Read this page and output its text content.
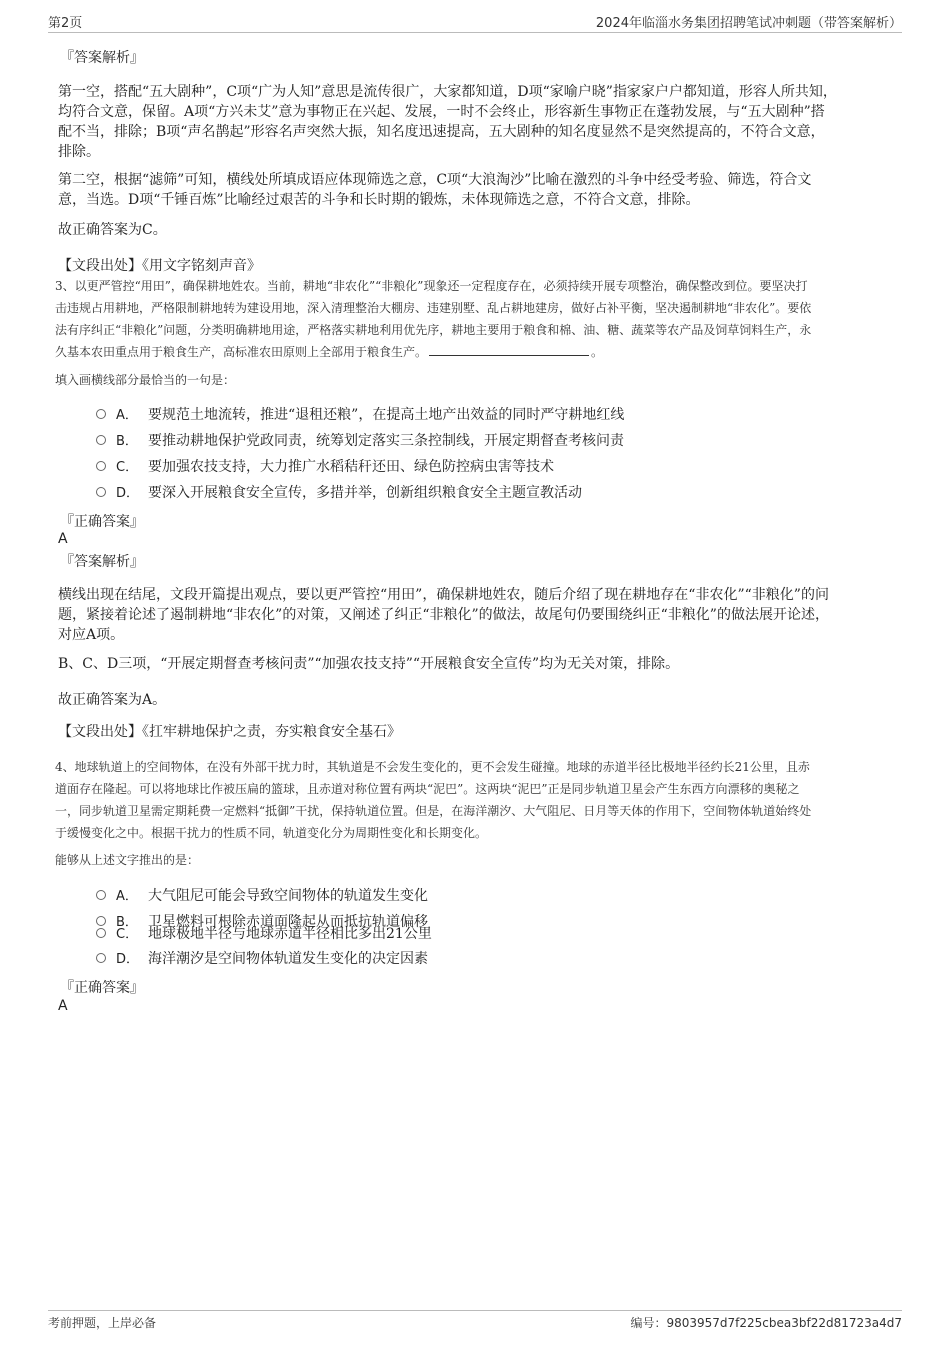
第2页	2024年临淄水务集团招聘笔试冲刺题（带答案解析）
『答案解析』
第一空，搭配“五大剧种”，C项“广为人知”意思是流传很广，大家都知道，D项“家喻户晓”指家家户户都知道，形容人所共知，
均符合文意，保留。A项“方兴未艾”意为事物正在兴起、发展，一时不会终止，形容新生事物正在蓬勃发展，与“五大剧种”搭
配不当，排除；B项“声名鹊起”形容名声突然大振，知名度迅速提高，五大剧种的知名度显然不是突然提高的，不符合文意，
排除。
第二空，根据“滤筛”可知，横线处所填成语应体现筛选之意，C项“大浪淘沙”比喻在激烈的斗争中经受考验、筛选，符合文
意，当选。D项“千锤百炼”比喻经过艰苦的斗争和长时期的锻炼，未体现筛选之意，不符合文意，排除。
故正确答案为C。
【文段出处】《用文字铭刻声音》
3、以更严管控“用田”，确保耕地姓农。当前，耕地“非农化”“非粮化”现象还一定程度存在，必须持续开展专项整治，确保整改到位。要坚决打
击违规占用耕地，严格限制耕地转为建设用地，深入清理整治大棚房、违建别墅、乱占耕地建房，做好占补平衡，坚决遏制耕地“非农化”。要依
法有序纠正“非粮化”问题，分类明确耕地用途，严格落实耕地利用优先序，耕地主要用于粮食和棉、油、糖、蔬菜等农产品及饲草饲料生产，永
久基本农田重点用于粮食生产，高标准农田原则上全部用于粮食生产。	。
填入画横线部分最恰当的一句是：
A． 要规范土地流转，推进“退租还粮”，在提高土地产出效益的同时严守耕地红线
B． 要推动耕地保护党政同责，统筹划定落实三条控制线，开展定期督查考核问责
C． 要加强农技支持，大力推广水稻秸秆还田、绿色防控病虫害等技术
D． 要深入开展粮食安全宣传，多措并举，创新组织粮食安全主题宣教活动
『正确答案』
A
『答案解析』
横线出现在结尾，文段开篇提出观点，要以更严管控“用田”，确保耕地姓农，随后介绍了现在耕地存在“非农化”“非粮化”的问
题，紧接着论述了遏制耕地“非农化”的对策，又阐述了纠正“非粮化”的做法，故尾句仍要围绕纠正“非粮化”的做法展开论述，
对应A项。
B、C、D三项，“开展定期督查考核问责”“加强农技支持”“开展粮食安全宣传”均为无关对策，排除。
故正确答案为A。
【文段出处】《扛牢耕地保护之责，夯实粮食安全基石》
4、地球轨道上的空间物体，在没有外部干扰力时，其轨道是不会发生变化的，更不会发生碰撞。地球的赤道半径比极地半径约长21公里，且赤
道面存在隆起。可以将地球比作被压扁的篮球，且赤道对称位置有两块“泥巴”。这两块“泥巴”正是同步轨道卫星会产生东西方向漂移的奥秘之
一，同步轨道卫星需定期耗费一定燃料“抵御”干扰，保持轨道位置。但是，在海洋潮汐、大气阻尼、日月等天体的作用下，空间物体轨道始终处
于缓慢变化之中。根据干扰力的性质不同，轨道变化分为周期性变化和长期变化。
能够从上述文字推出的是：
A． 大气阻尼可能会导致空间物体的轨道发生变化
B． 卫星燃料可根除赤道面隆起从而抵抗轨道偏移
C． 地球极地半径与地球赤道半径相比多出21公里
D． 海洋潮汐是空间物体轨道发生变化的决定因素
『正确答案』
A
考前押题，上岸必备	编号：9803957d7f225cbea3bf22d81723a4d7
